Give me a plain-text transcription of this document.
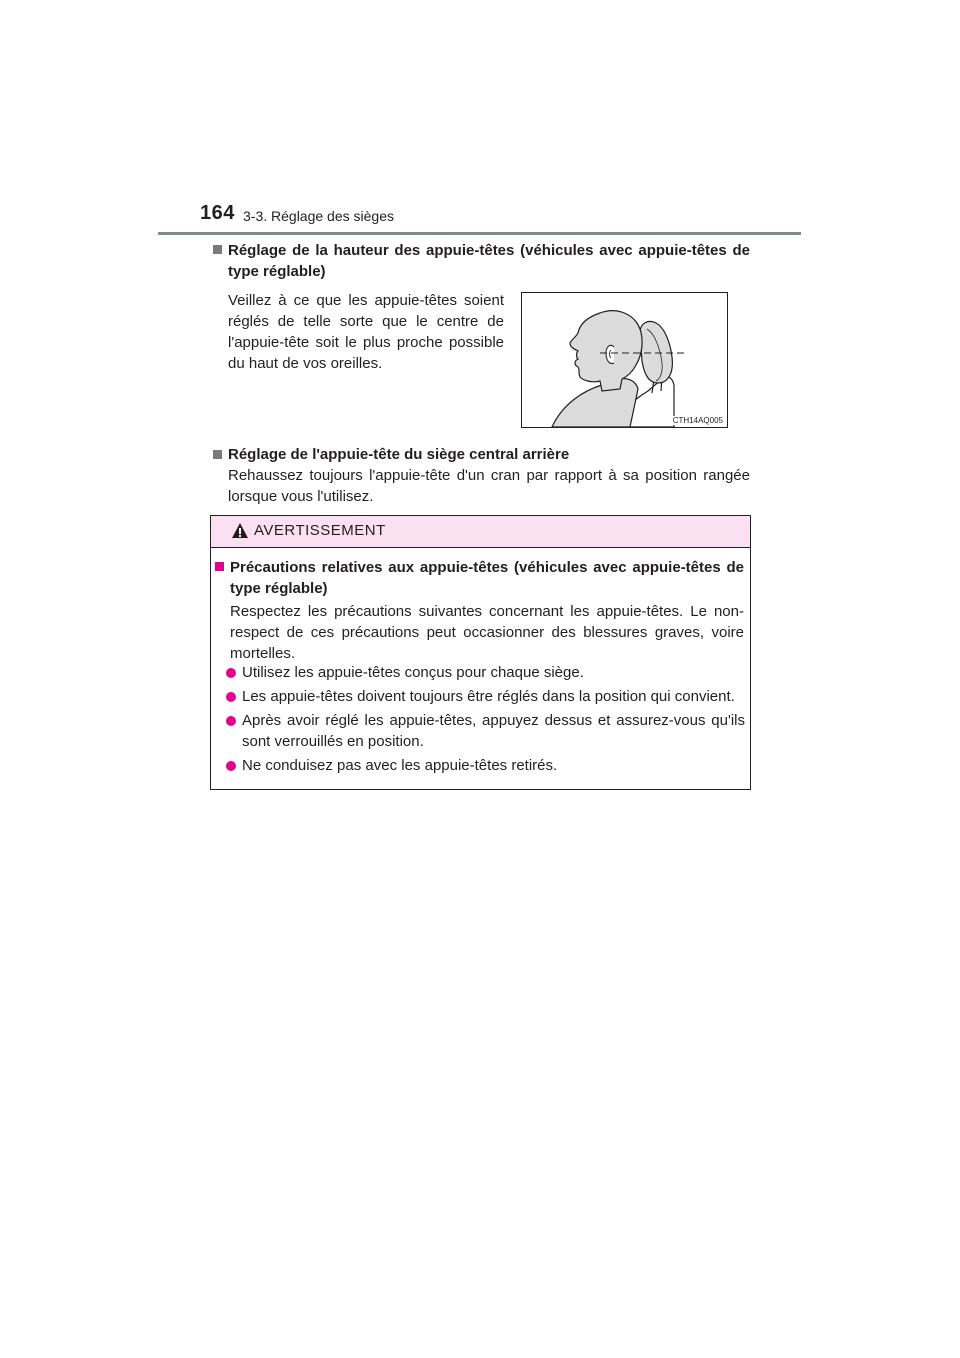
164 3-3. Réglage des sièges
Réglage de la hauteur des appuie-têtes (véhicules avec appuie-têtes de type réglable)
Veillez à ce que les appuie-têtes soient réglés de telle sorte que le centre de l'appuie-tête soit le plus proche possible du haut de vos oreilles.
CTH14AQ005
Réglage de l'appuie-tête du siège central arrière
Rehaussez toujours l'appuie-tête d'un cran par rapport à sa position rangée lorsque vous l'utilisez.
AVERTISSEMENT
Précautions relatives aux appuie-têtes (véhicules avec appuie-têtes de type réglable)
Respectez les précautions suivantes concernant les appuie-têtes. Le non-respect de ces précautions peut occasionner des blessures graves, voire mortelles.
Utilisez les appuie-têtes conçus pour chaque siège.
Les appuie-têtes doivent toujours être réglés dans la position qui convient.
Après avoir réglé les appuie-têtes, appuyez dessus et assurez-vous qu'ils sont verrouillés en position.
Ne conduisez pas avec les appuie-têtes retirés.
